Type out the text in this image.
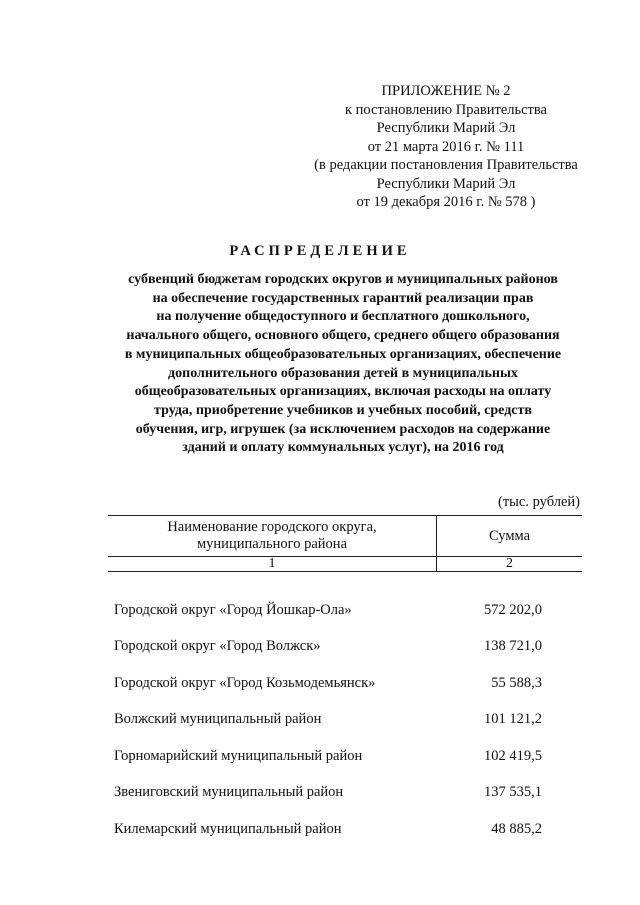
ПРИЛОЖЕНИЕ № 2
к постановлению Правительства
Республики Марий Эл
от 21 марта 2016 г. № 111
(в редакции постановления Правительства
Республики Марий Эл
от 19 декабря 2016 г. № 578 )
РАСПРЕДЕЛЕНИЕ
субвенций бюджетам городских округов и муниципальных районов
на обеспечение государственных гарантий реализации прав
на получение общедоступного и бесплатного дошкольного,
начального общего, основного общего, среднего общего образования
в муниципальных общеобразовательных организациях, обеспечение
дополнительного образования детей в муниципальных
общеобразовательных организациях, включая расходы на оплату
труда, приобретение учебников и учебных пособий, средств
обучения, игр, игрушек (за исключением расходов на содержание
зданий и оплату коммунальных услуг), на 2016 год
(тыс. рублей)
Наименование городского округа,
муниципального района	Сумма
1	2
Городской округ «Город Йошкар-Ола»	572 202,0
Городской округ «Город Волжск»	138 721,0
Городской округ «Город Козьмодемьянск»	55 588,3
Волжский муниципальный район	101 121,2
Горномарийский муниципальный район	102 419,5
Звениговский муниципальный район	137 535,1
Килемарский муниципальный район	48 885,2
